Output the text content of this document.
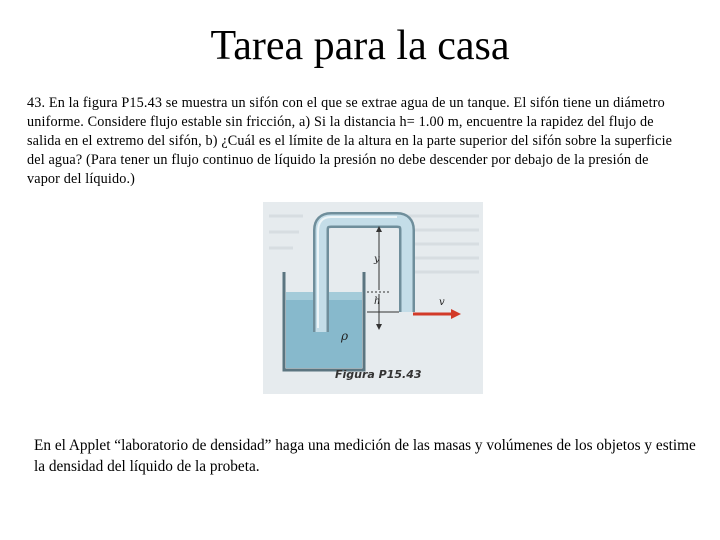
Tarea para la casa
43. En la figura P15.43 se muestra un sifón con el que se extrae agua de un tanque. El sifón tiene un diámetro uniforme. Considere flujo estable sin fricción, a) Si la distancia h= 1.00 m, encuentre la rapidez del flujo de salida en el extremo del sifón, b) ¿Cuál es el límite de la altura en la parte superior del sifón sobre la superficie del agua? (Para tener un flujo continuo de líquido la presión no debe descender por debajo de la presión de vapor del líquido.)
y
h	v
ρ
Figura P15.43
En el Applet “laboratorio de densidad” haga una medición de las masas y volúmenes de los objetos y estime la densidad del líquido de la probeta.
